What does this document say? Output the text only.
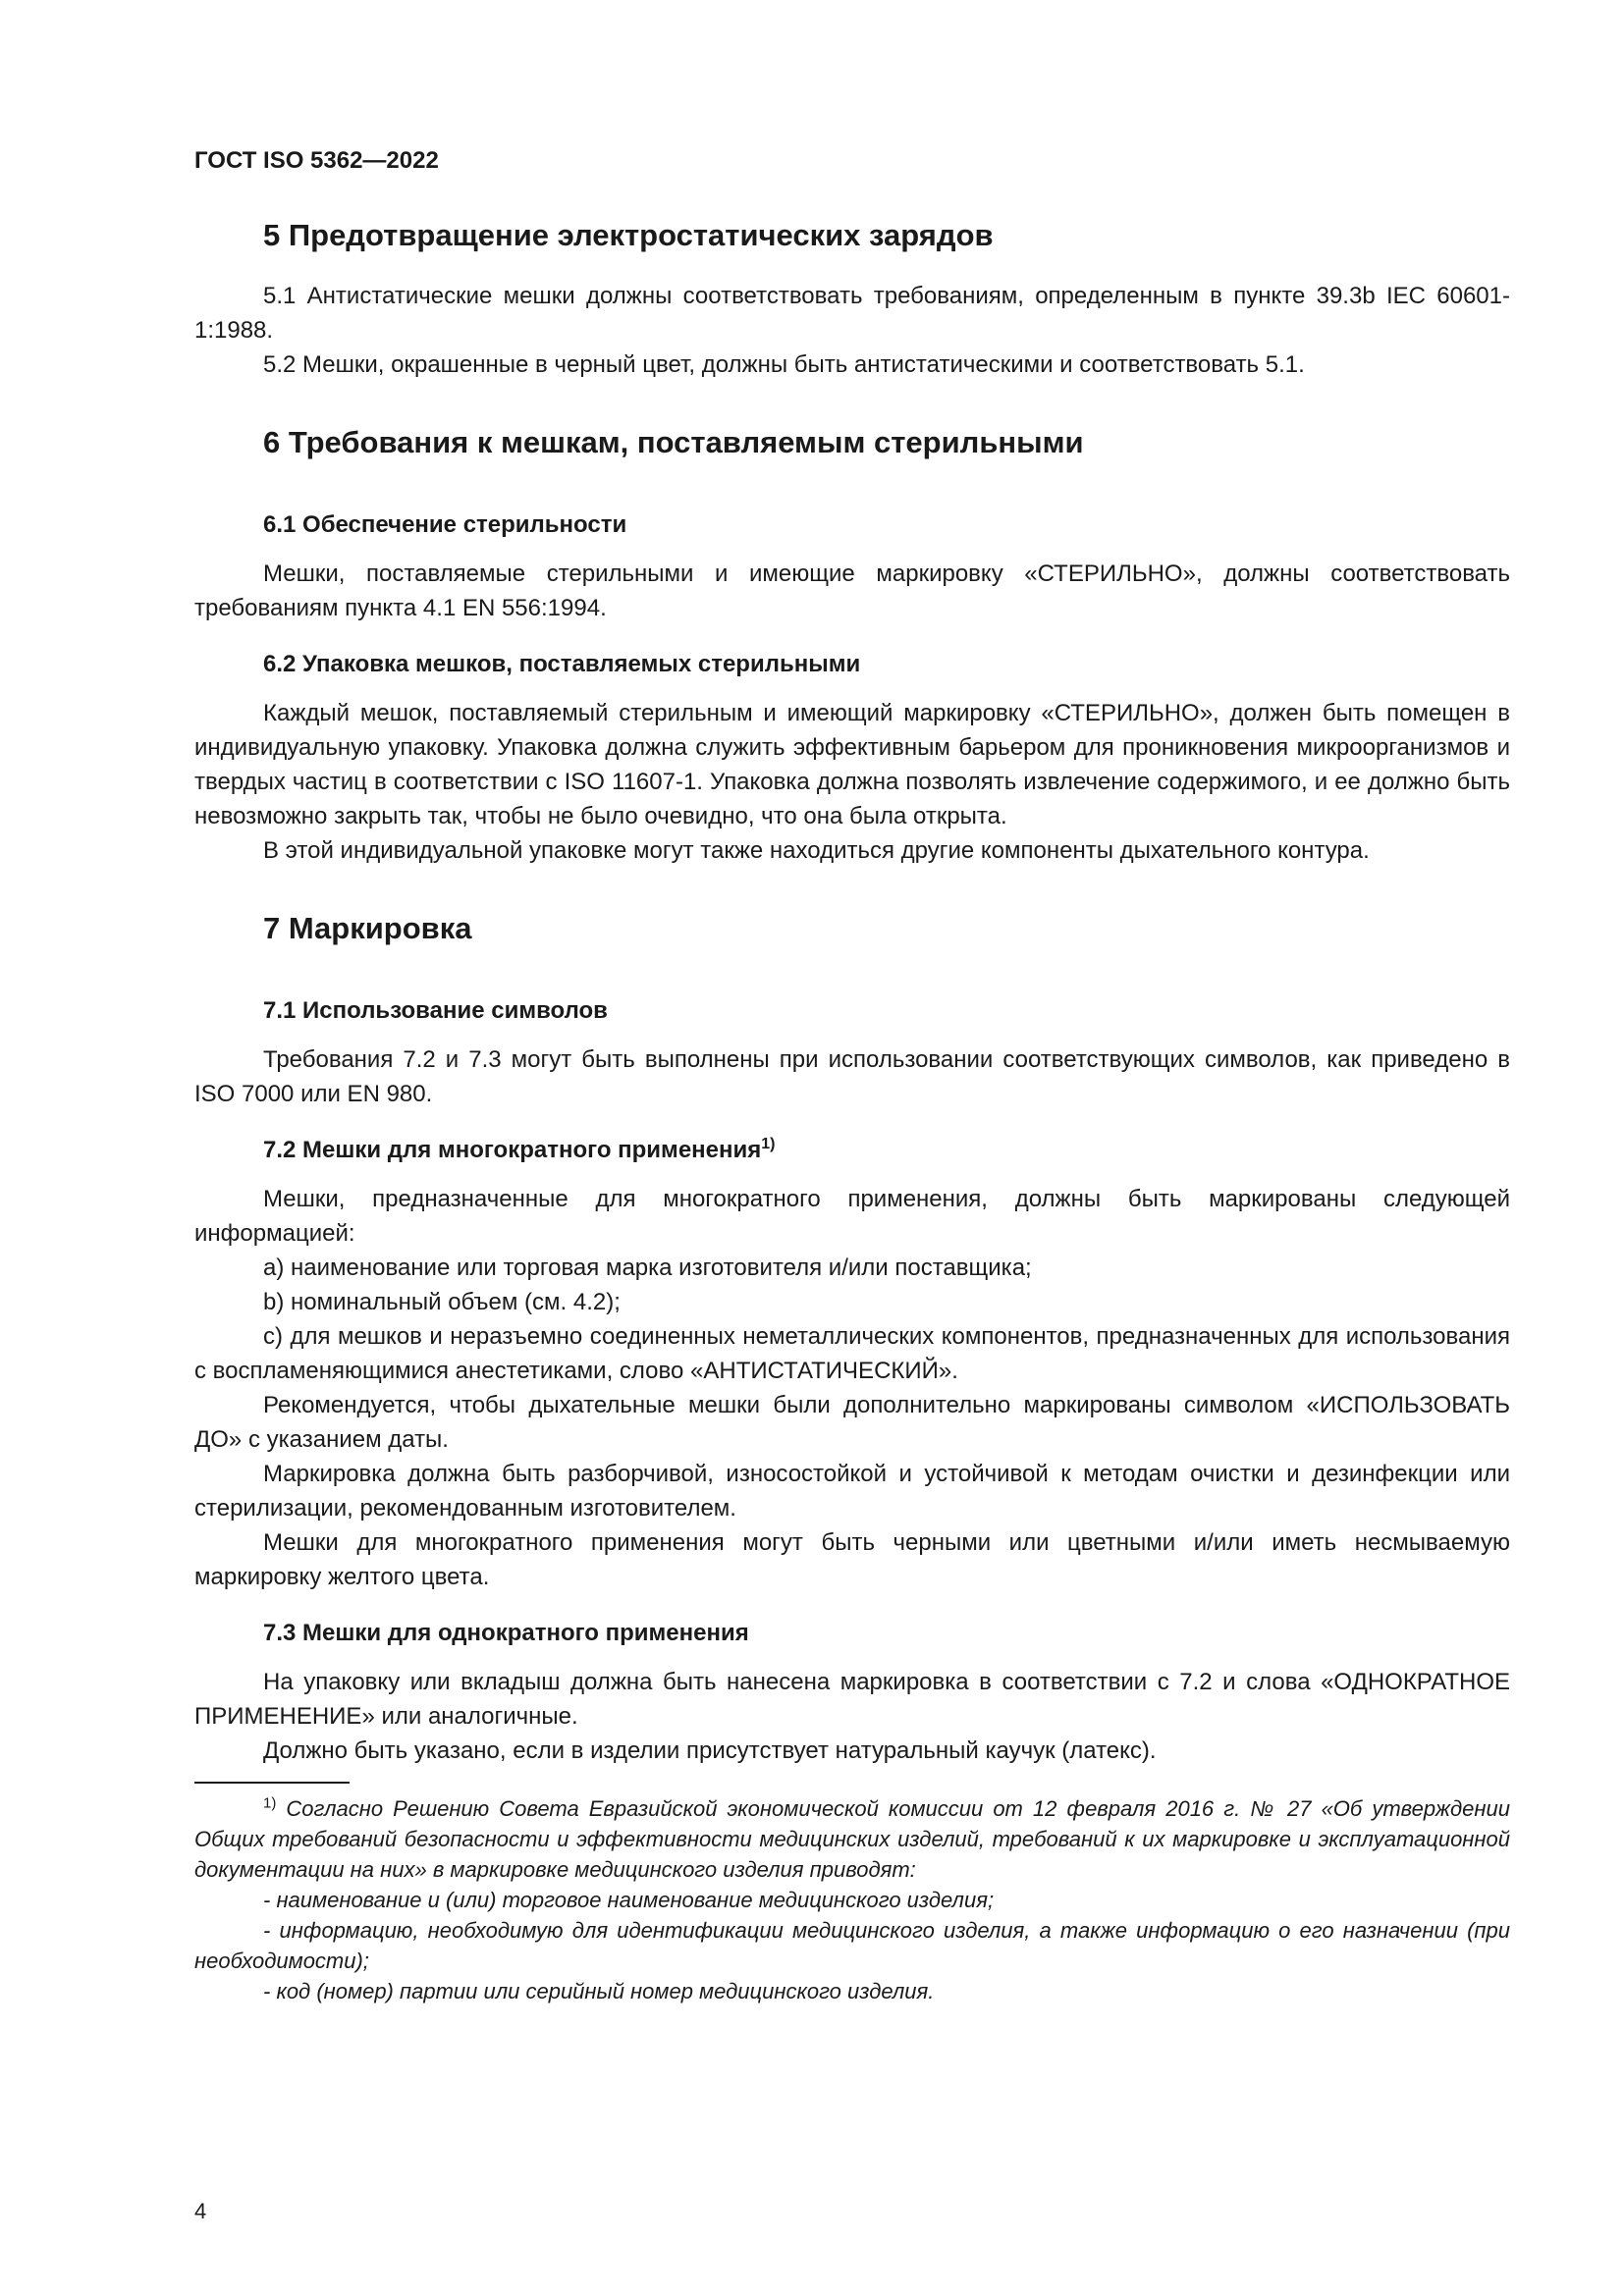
ГОСТ ISO 5362—2022
5 Предотвращение электростатических зарядов

5.1 Антистатические мешки должны соответствовать требованиям, определенным в пункте 39.3b IEC 60601-1:1988.

5.2 Мешки, окрашенные в черный цвет, должны быть антистатическими и соответствовать 5.1.

6 Требования к мешкам, поставляемым стерильными
6.1 Обеспечение стерильности

Мешки, поставляемые стерильными и имеющие маркировку «СТЕРИЛЬНО», должны соответствовать требованиям пункта 4.1 EN 556:1994.

6.2 Упаковка мешков, поставляемых стерильными

Каждый мешок, поставляемый стерильным и имеющий маркировку «СТЕРИЛЬНО», должен быть помещен в индивидуальную упаковку. Упаковка должна служить эффективным барьером для проникновения микроорганизмов и твердых частиц в соответствии с ISO 11607-1. Упаковка должна позволять извлечение содержимого, и ее должно быть невозможно закрыть так, чтобы не было очевидно, что она была открыта.

В этой индивидуальной упаковке могут также находиться другие компоненты дыхательного контура.

7 Маркировка
7.1 Использование символов

Требования 7.2 и 7.3 могут быть выполнены при использовании соответствующих символов, как приведено в ISO 7000 или EN 980.

7.2 Мешки для многократного применения$^{1)}$

Мешки, предназначенные для многократного применения, должны быть маркированы следующей информацией:

a) наименование или торговая марка изготовителя и/или поставщика;

b) номинальный объем (см. 4.2);

c) для мешков и неразъемно соединенных неметаллических компонентов, предназначенных для использования с воспламеняющимися анестетиками, слово «АНТИСТАТИЧЕСКИЙ».

Рекомендуется, чтобы дыхательные мешки были дополнительно маркированы символом «ИСПОЛЬЗОВАТЬ ДО» с указанием даты.

Маркировка должна быть разборчивой, износостойкой и устойчивой к методам очистки и дезинфекции или стерилизации, рекомендованным изготовителем.

Мешки для многократного применения могут быть черными или цветными и/или иметь несмываемую маркировку желтого цвета.

7.3 Мешки для однократного применения

На упаковку или вкладыш должна быть нанесена маркировка в соответствии с 7.2 и слова «ОДНОКРАТНОЕ ПРИМЕНЕНИЕ» или аналогичные.

Должно быть указано, если в изделии присутствует натуральный каучук (латекс).

$^{1)}$ Согласно Решению Совета Евразийской экономической комиссии от 12 февраля 2016 г. № 27 «Об утверждении Общих требований безопасности и эффективности медицинских изделий, требований к их маркировке и эксплуатационной документации на них» в маркировке медицинского изделия приводят:

- наименование и (или) торговое наименование медицинского изделия;

- информацию, необходимую для идентификации медицинского изделия, а также информацию о его назначении (при необходимости);

- код (номер) партии или серийный номер медицинского изделия.

4
